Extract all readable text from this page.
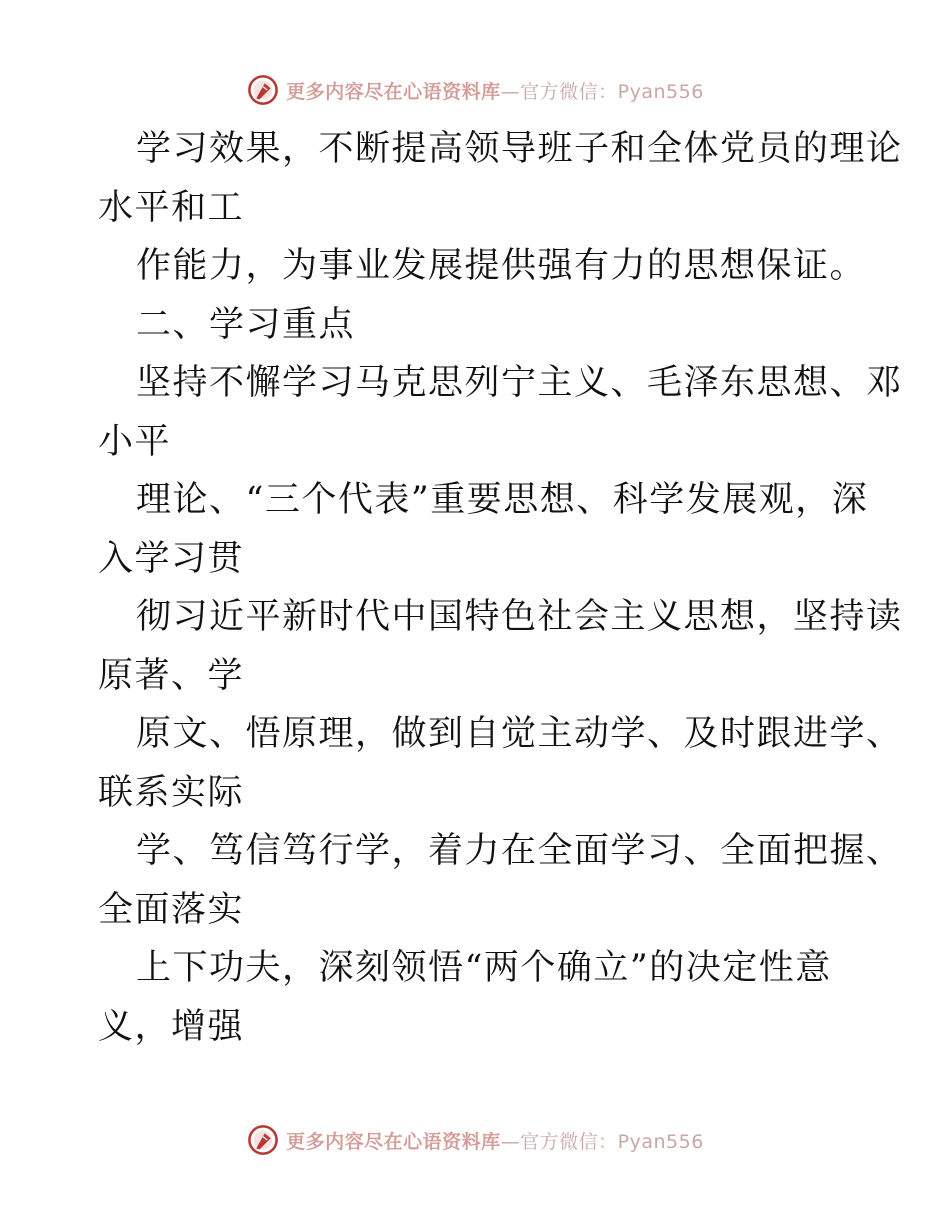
更多内容尽在心语资料库—官方微信：Pyan556
学习效果，不断提高领导班子和全体党员的理论
水平和工
作能力，为事业发展提供强有力的思想保证。
二、学习重点
坚持不懈学习马克思列宁主义、毛泽东思想、邓
小平
理论、“三个代表”重要思想、科学发展观，深
入学习贯
彻习近平新时代中国特色社会主义思想，坚持读
原著、学
原文、悟原理，做到自觉主动学、及时跟进学、
联系实际
学、笃信笃行学，着力在全面学习、全面把握、
全面落实
上下功夫，深刻领悟“两个确立”的决定性意
义，增强
更多内容尽在心语资料库—官方微信：Pyan556
